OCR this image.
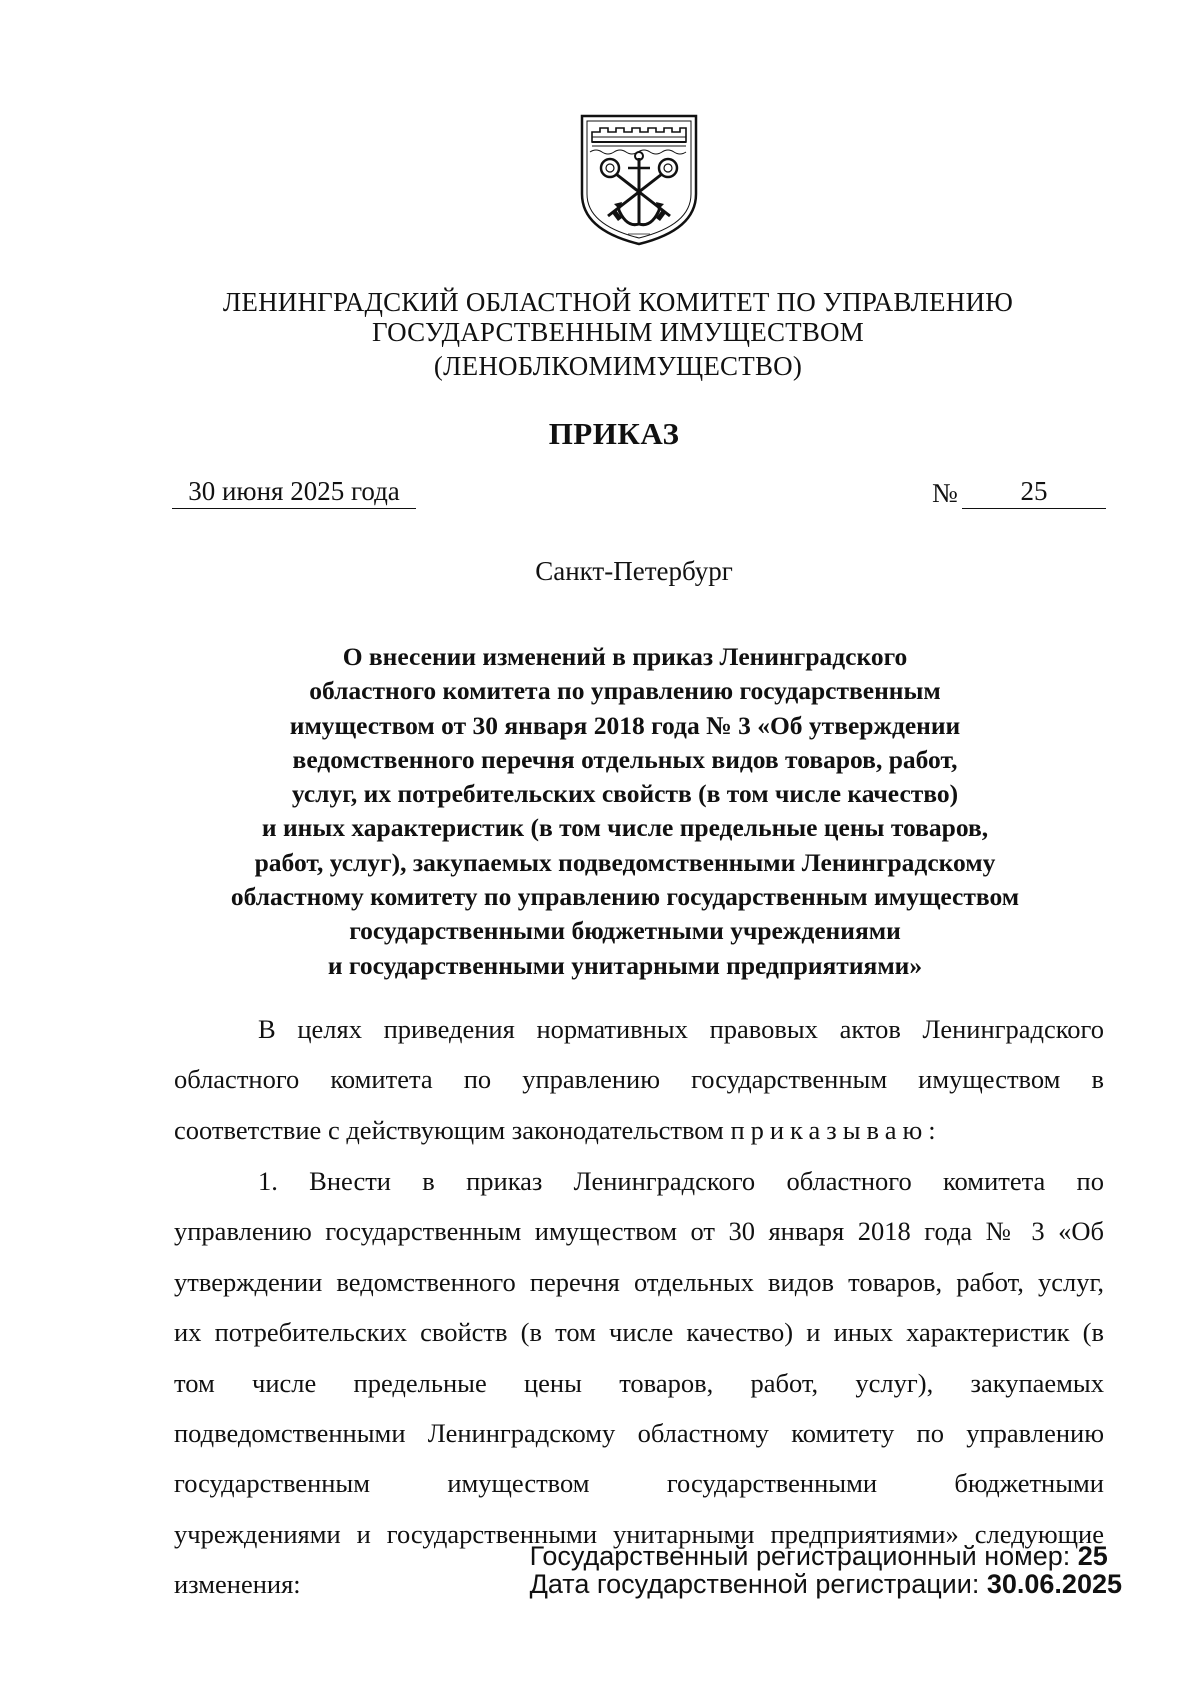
ЛЕНИНГРАДСКИЙ ОБЛАСТНОЙ КОМИТЕТ ПО УПРАВЛЕНИЮ
ГОСУДАРСТВЕННЫМ ИМУЩЕСТВОМ
(ЛЕНОБЛКОМИМУЩЕСТВО)
ПРИКАЗ
30 июня 2025 года	№	25
Санкт-Петербург
О внесении изменений в приказ Ленинградского
областного комитета по управлению государственным
имуществом от 30 января 2018 года № 3 «Об утверждении
ведомственного перечня отдельных видов товаров, работ,
услуг, их потребительских свойств (в том числе качество)
и иных характеристик (в том числе предельные цены товаров,
работ, услуг), закупаемых подведомственными Ленинградскому
областному комитету по управлению государственным имуществом
государственными бюджетными учреждениями
и государственными унитарными предприятиями»
В целях приведения нормативных правовых актов Ленинградского
областного комитета по управлению государственным имуществом в
соответствие с действующим законодательством приказываю:
1. Внести в приказ Ленинградского областного комитета по
управлению государственным имуществом от 30 января 2018 года № 3 «Об
утверждении ведомственного перечня отдельных видов товаров, работ, услуг,
их потребительских свойств (в том числе качество) и иных характеристик (в
том числе предельные цены товаров, работ, услуг), закупаемых
подведомственными Ленинградскому областному комитету по управлению
государственным имуществом государственными бюджетными
учреждениями и государственными унитарными предприятиями» следующие
изменения:
Государственный регистрационный номер: 25
Дата государственной регистрации: 30.06.2025
